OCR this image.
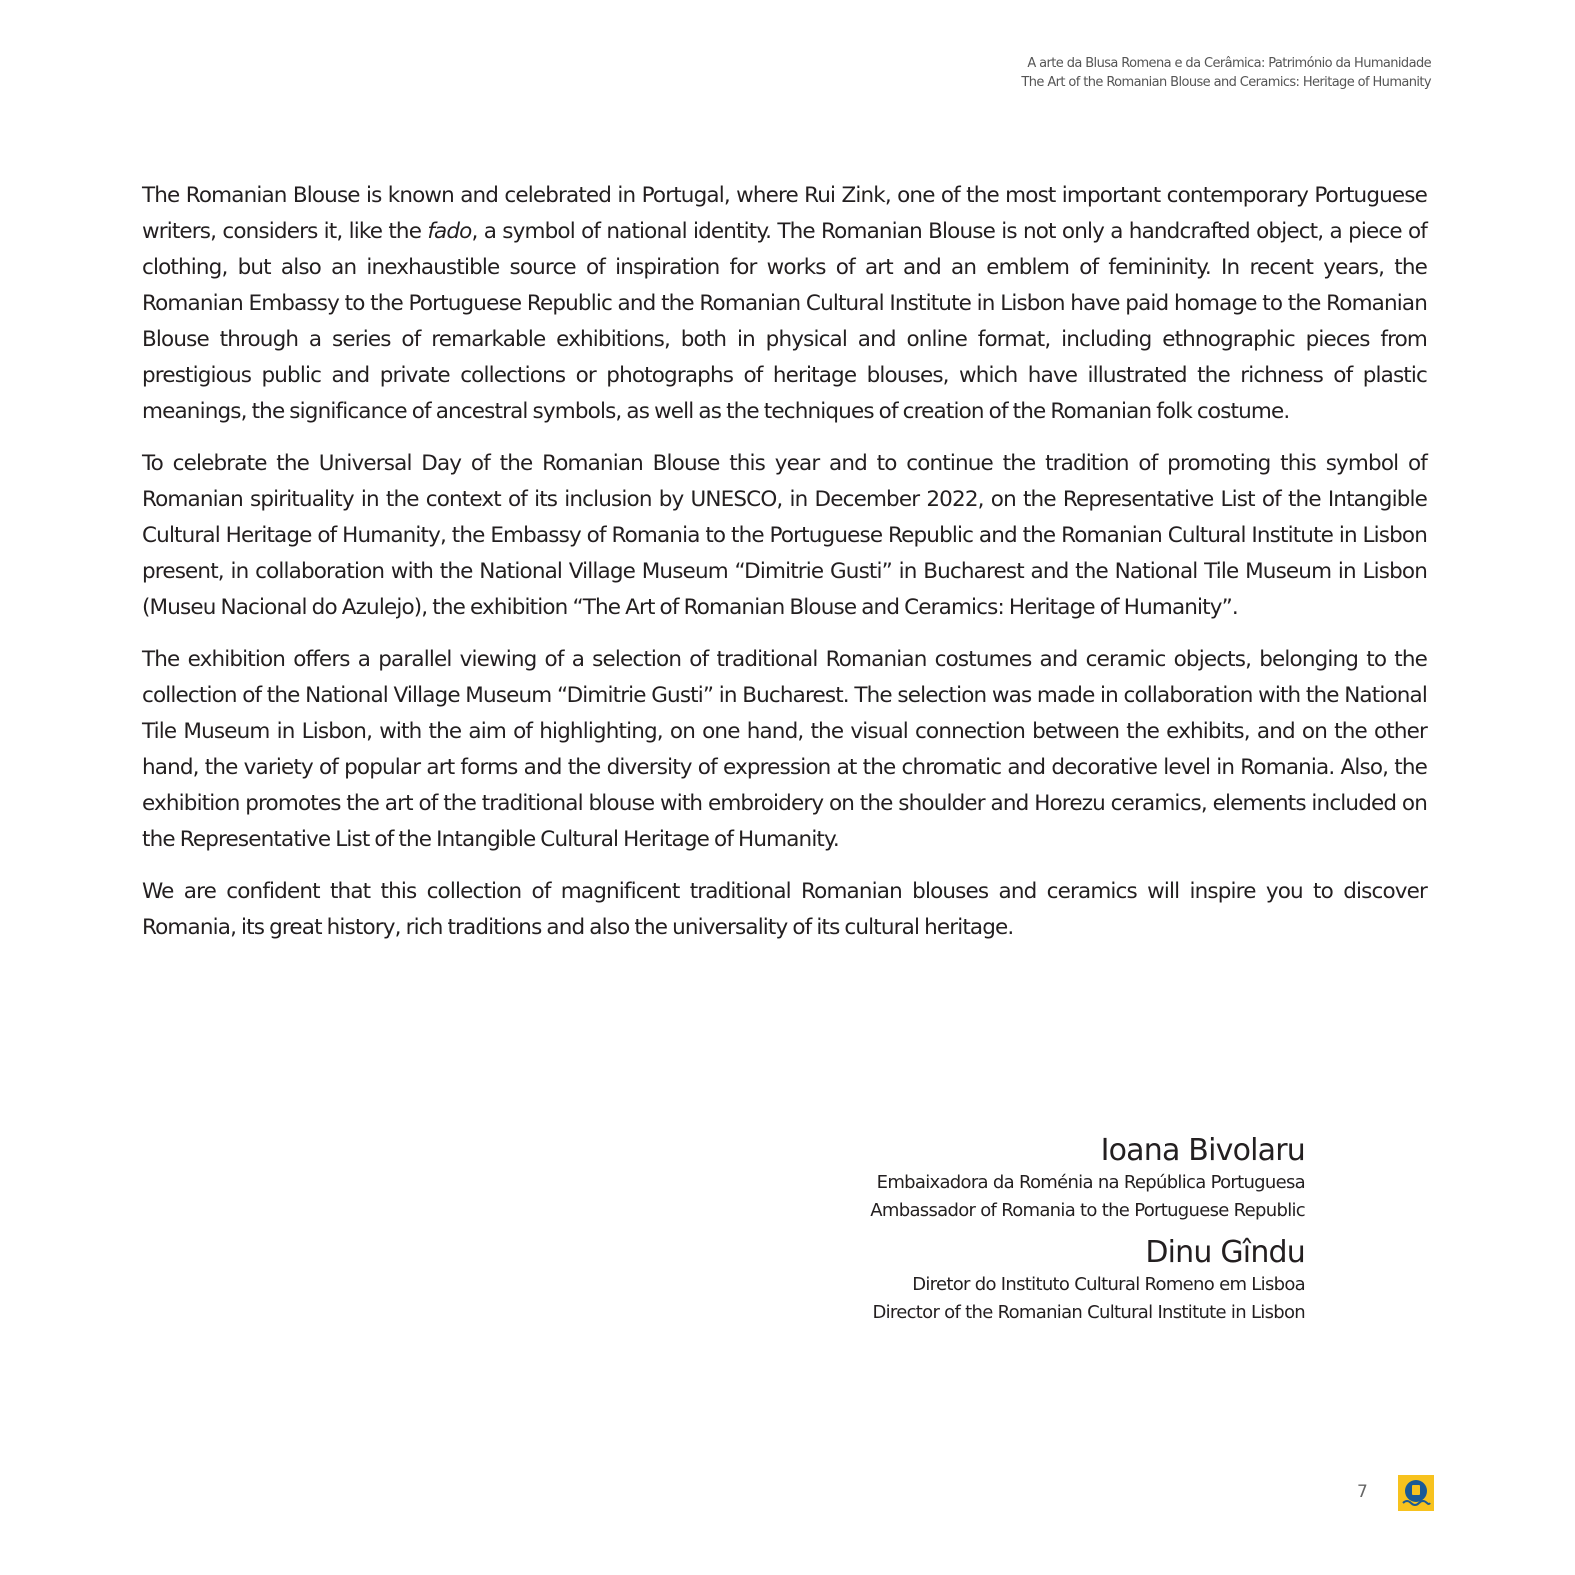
A arte da Blusa Romena e da Cerâmica: Património da Humanidade
The Art of the Romanian Blouse and Ceramics: Heritage of Humanity

The Romanian Blouse is known and celebrated in Portugal, where Rui Zink, one of the most important contemporary Portuguese writers, considers it, like the fado, a symbol of national identity. The Romanian Blouse is not only a handcrafted object, a piece of clothing, but also an inexhaustible source of inspiration for works of art and an emblem of femininity. In recent years, the Romanian Embassy to the Portuguese Republic and the Romanian Cultural Institute in Lisbon have paid homage to the Romanian Blouse through a series of remarkable exhibitions, both in physical and online format, including ethnographic pieces from prestigious public and private collections or photographs of heritage blouses, which have illustrated the richness of plastic meanings, the significance of ancestral symbols, as well as the techniques of creation of the Romanian folk costume.

To celebrate the Universal Day of the Romanian Blouse this year and to continue the tradition of promoting this symbol of Romanian spirituality in the context of its inclusion by UNESCO, in December 2022, on the Representative List of the Intangible Cultural Heritage of Humanity, the Embassy of Romania to the Portuguese Republic and the Romanian Cultural Institute in Lisbon present, in collaboration with the National Village Museum “Dimitrie Gusti” in Bucharest and the National Tile Museum in Lisbon (Museu Nacional do Azulejo), the exhibition “The Art of Romanian Blouse and Ceramics: Heritage of Humanity”.

The exhibition offers a parallel viewing of a selection of traditional Romanian costumes and ceramic objects, belonging to the collection of the National Village Museum “Dimitrie Gusti” in Bucharest. The selection was made in collaboration with the National Tile Museum in Lisbon, with the aim of highlighting, on one hand, the visual connection between the exhibits, and on the other hand, the variety of popular art forms and the diversity of expression at the chromatic and decorative level in Romania. Also, the exhibition promotes the art of the traditional blouse with embroidery on the shoulder and Horezu ceramics, elements included on the Representative List of the Intangible Cultural Heritage of Humanity.

We are confident that this collection of magnificent traditional Romanian blouses and ceramics will inspire you to discover Romania, its great history, rich traditions and also the universality of its cultural heritage.

Ioana Bivolaru
Embaixadora da Roménia na República Portuguesa
Ambassador of Romania to the Portuguese Republic
Dinu Gîndu
Diretor do Instituto Cultural Romeno em Lisboa
Director of the Romanian Cultural Institute in Lisbon
7
